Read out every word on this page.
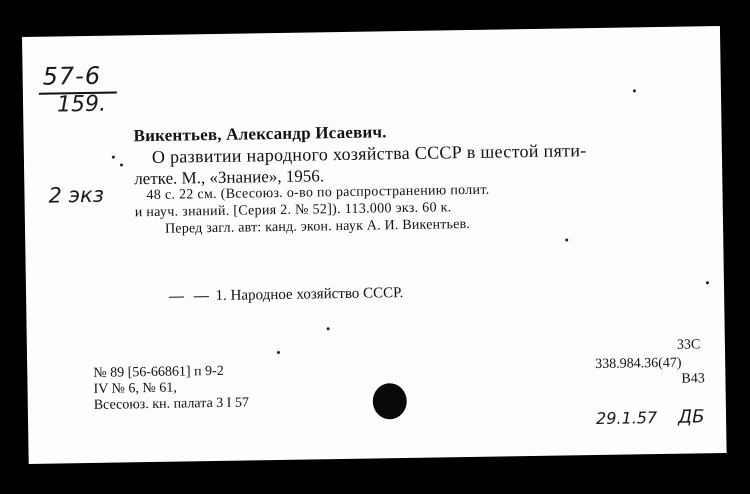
57-6
159.
2 экз
Викентьев, Александр Исаевич.
О развитии народного хозяйства СССР в шестой пяти-
летке. М., «Знание», 1956.
48 с. 22 см. (Всесоюз. о-во по распространению полит.
и науч. знаний. [Серия 2. № 52]). 113.000 экз. 60 к.
Перед загл. авт: канд. экон. наук А. И. Викентьев.
— — 1. Народное хозяйство СССР.
№ 89 [56-66861] п 9-2
IV № 6, № 61,
Всесоюз. кн. палата 3 I 57
33С
338.984.36(47)
В43
29.1.57 ДБ
